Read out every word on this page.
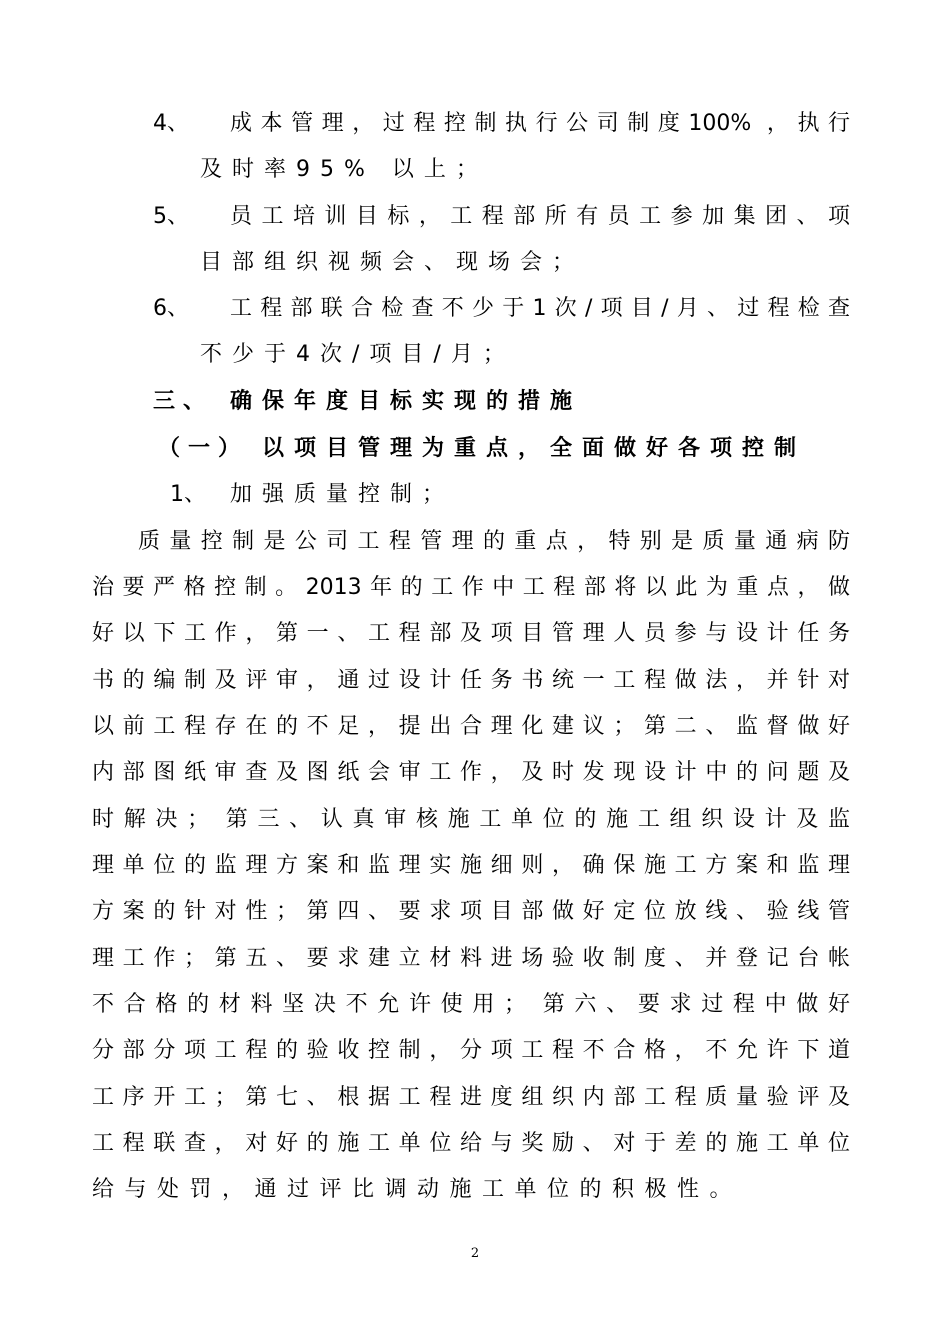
4、 成本管理，过程控制执行公司制度100% ，执行
及时率95% 以上；
5、 员工培训目标，工程部所有员工参加集团、项
目部组织视频会、现场会；
6、 工程部联合检查不少于1次/项目/月、过程检查
不少于4次/项目/月；
三、 确保年度目标实现的措施
（一） 以项目管理为重点，全面做好各项控制
1、 加强质量控制；
质量控制是公司工程管理的重点，特别是质量通病防
治要严格控制。2013年的工作中工程部将以此为重点，做
好以下工作，第一、工程部及项目管理人员参与设计任务
书的编制及评审，通过设计任务书统一工程做法，并针对
以前工程存在的不足，提出合理化建议；第二、监督做好
内部图纸审查及图纸会审工作，及时发现设计中的问题及
时解决； 第三、认真审核施工单位的施工组织设计及监
理单位的监理方案和监理实施细则，确保施工方案和监理
方案的针对性；第四、要求项目部做好定位放线、验线管
理工作；第五、要求建立材料进场验收制度、并登记台帐
不合格的材料坚决不允许使用； 第六、要求过程中做好
分部分项工程的验收控制，分项工程不合格，不允许下道
工序开工；第七、根据工程进度组织内部工程质量验评及
工程联查，对好的施工单位给与奖励、对于差的施工单位
给与处罚，通过评比调动施工单位的积极性。
2
